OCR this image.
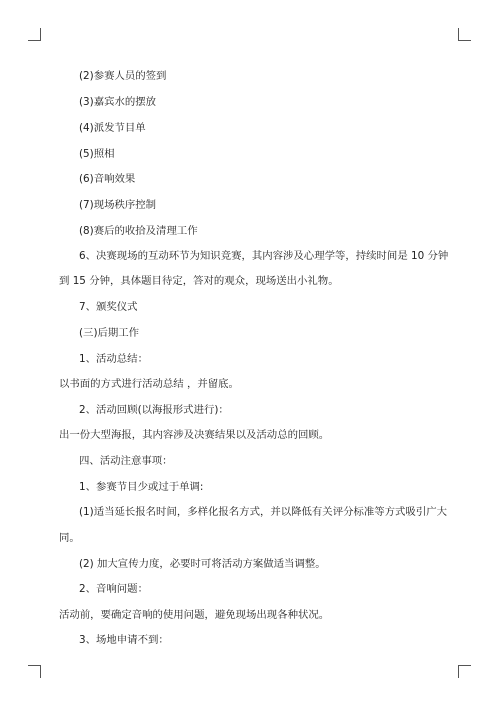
(2)参赛人员的签到
(3)嘉宾水的摆放
(4)派发节目单
(5)照相
(6)音响效果
(7)现场秩序控制
(8)赛后的收拾及清理工作
6、决赛现场的互动环节为知识竞赛，其内容涉及心理学等，持续时间是 10 分钟
到 15 分钟，具体题目待定，答对的观众，现场送出小礼物。
7、颁奖仪式
(三)后期工作
1、活动总结：
以书面的方式进行活动总结 ，并留底。
2、活动回顾(以海报形式进行)：
出一份大型海报，其内容涉及决赛结果以及活动总的回顾。
四、活动注意事项：
1、参赛节目少或过于单调:
(1)适当延长报名时间，多样化报名方式，并以降低有关评分标准等方式吸引广大
同。
(2) 加大宣传力度，必要时可将活动方案做适当调整。
2、音响问题：
活动前，要确定音响的使用问题，避免现场出现各种状况。
3、场地申请不到：
